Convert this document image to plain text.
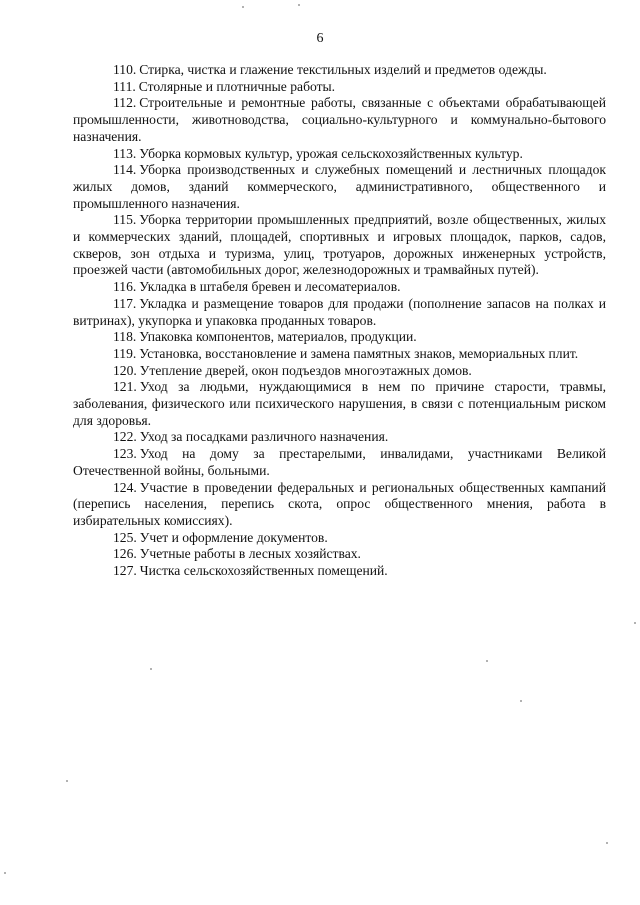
6

110. Стирка, чистка и глажение текстильных изделий и предметов одежды.

111. Столярные и плотничные работы.

112. Строительные и ремонтные работы, связанные с объектами обрабатывающей промышленности, животноводства, социально-культурного и коммунально-бытового назначения.

113. Уборка кормовых культур, урожая сельскохозяйственных культур.

114. Уборка производственных и служебных помещений и лестничных площадок жилых домов, зданий коммерческого, административного, общественного и промышленного назначения.

115. Уборка территории промышленных предприятий, возле общественных, жилых и коммерческих зданий, площадей, спортивных и игровых площадок, парков, садов, скверов, зон отдыха и туризма, улиц, тротуаров, дорожных инженерных устройств, проезжей части (автомобильных дорог, железнодорожных и трамвайных путей).

116. Укладка в штабеля бревен и лесоматериалов.

117. Укладка и размещение товаров для продажи (пополнение запасов на полках и витринах), укупорка и упаковка проданных товаров.

118. Упаковка компонентов, материалов, продукции.

119. Установка, восстановление и замена памятных знаков, мемориальных плит.

120. Утепление дверей, окон подъездов многоэтажных домов.

121. Уход за людьми, нуждающимися в нем по причине старости, травмы, заболевания, физического или психического нарушения, в связи с потенциальным риском для здоровья.

122. Уход за посадками различного назначения.

123. Уход на дому за престарелыми, инвалидами, участниками Великой Отечественной войны, больными.

124. Участие в проведении федеральных и региональных общественных кампаний (перепись населения, перепись скота, опрос общественного мнения, работа в избирательных комиссиях).

125. Учет и оформление документов.

126. Учетные работы в лесных хозяйствах.

127. Чистка сельскохозяйственных помещений.
